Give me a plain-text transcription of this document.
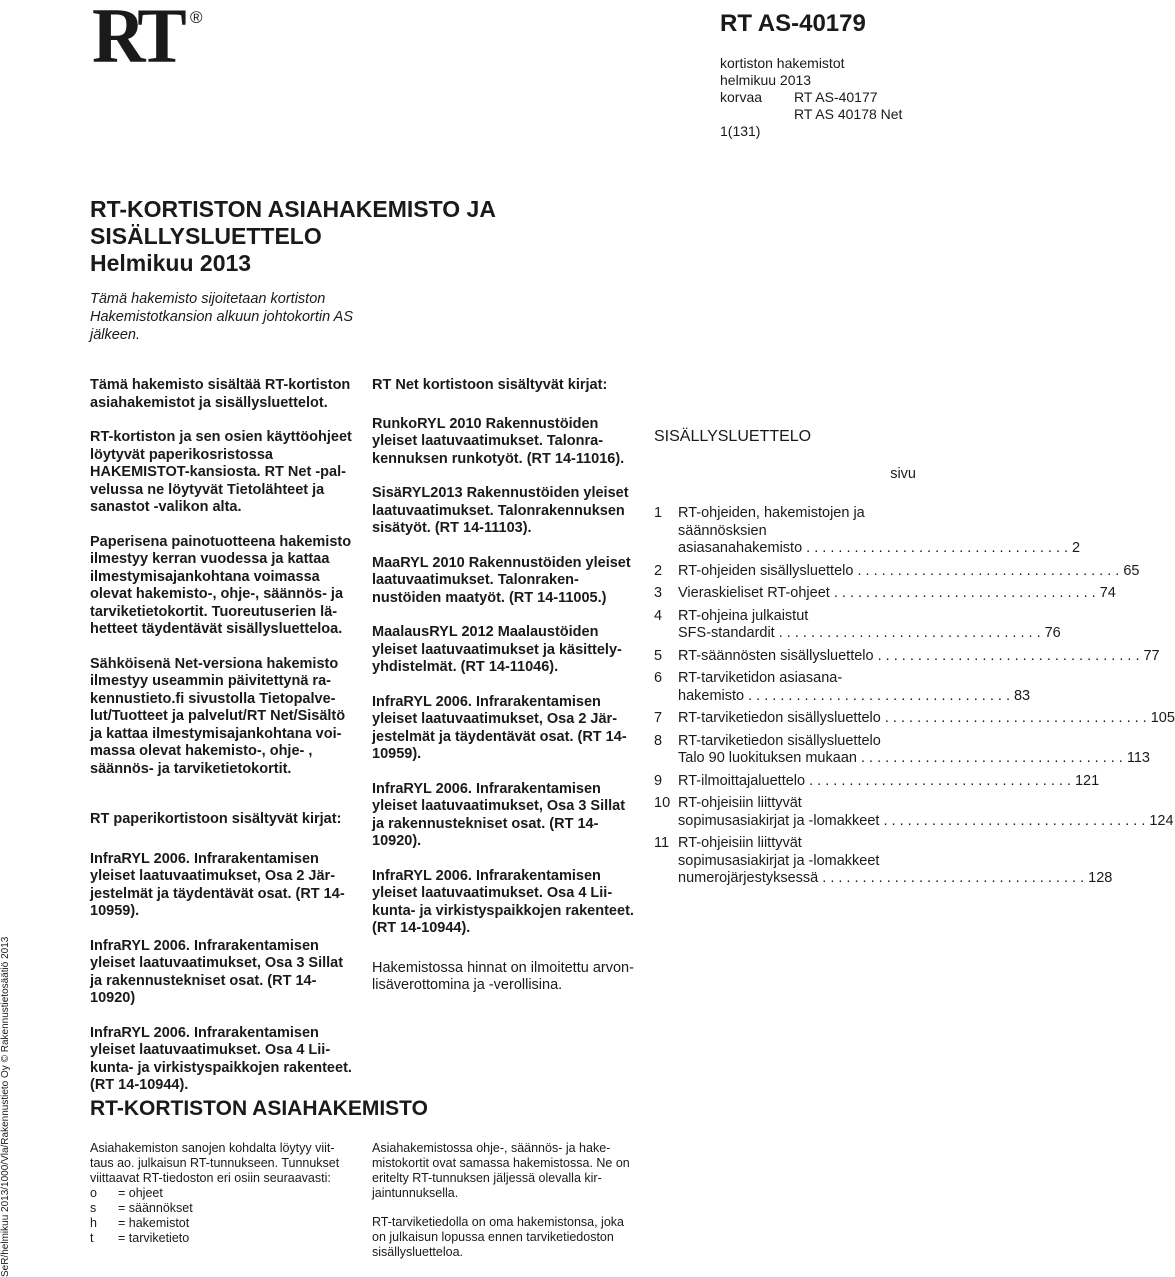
RT ®	RT AS-40179
kortiston hakemistot
helmikuu 2013
korvaa	RT AS-40177
RT AS 40178 Net
1(131)
RT-KORTISTON ASIAHAKEMISTO JA
SISÄLLYSLUETTELO
Helmikuu 2013
Tämä hakemisto sijoitetaan kortiston Hakemistotkansion alkuun johtokortin AS jälkeen.

Tämä hakemisto sisältää RT-kortiston asiahakemistot ja sisällysluettelot.

RT-kortiston ja sen osien käyttöohjeet löytyvät paperikosristossa HAKEMISTOT-kansiosta. RT Net -palvelussa ne löytyvät Tietolähteet ja sanastot -valikon alta.

Paperisena painotuotteena hakemisto ilmestyy kerran vuodessa ja kattaa ilmestymisajankohtana voimassa olevat hakemisto-, ohje-, säännös- ja tarviketietokortit. Tuoreutuserien lähetteet täydentävät sisällysluetteloa.

Sähköisenä Net-versiona hakemisto ilmestyy useammin päivitettynä rakennustieto.fi sivustolla Tietopalvelut/Tuotteet ja palvelut/RT Net/Sisältö ja kattaa ilmestymisajankohtana voimassa olevat hakemisto-, ohje- , säännös- ja tarviketietokortit.

RT paperikortistoon sisältyvät kirjat:

InfraRYL 2006. Infrarakentamisen yleiset laatuvaatimukset, Osa 2 Järjestelmät ja täydentävät osat. (RT 14-10959).

InfraRYL 2006. Infrarakentamisen yleiset laatuvaatimukset, Osa 3 Sillat ja rakennustekniset osat. (RT 14-10920)

InfraRYL 2006. Infrarakentamisen yleiset laatuvaatimukset. Osa 4 Liikunta- ja virkistyspaikkojen rakenteet. (RT 14-10944).

RT Net kortistoon sisältyvät kirjat:

RunkoRYL 2010 Rakennustöiden yleiset laatuvaatimukset. Talonrakennuksen runkotyöt. (RT 14-11016).

SisäRYL2013 Rakennustöiden yleiset laatuvaatimukset. Talonrakennuksen sisätyöt. (RT 14-11103).

MaaRYL 2010 Rakennustöiden yleiset laatuvaatimukset. Talonrakennustöiden maatyöt. (RT 14-11005.)

MaalausRYL 2012 Maalaustöiden yleiset laatuvaatimukset ja käsittelyyhdistelmät. (RT 14-11046).

InfraRYL 2006. Infrarakentamisen yleiset laatuvaatimukset, Osa 2 Järjestelmät ja täydentävät osat. (RT 14-10959).

InfraRYL 2006. Infrarakentamisen yleiset laatuvaatimukset, Osa 3 Sillat ja rakennustekniset osat. (RT 14-10920).

InfraRYL 2006. Infrarakentamisen yleiset laatuvaatimukset. Osa 4 Liikunta- ja virkistyspaikkojen rakenteet. (RT 14-10944).

Hakemistossa hinnat on ilmoitettu arvonlisäverottomina ja -verollisina.

SISÄLLYSLUETTELO
sivu
1	RT-ohjeiden, hakemistojen ja
säännösksien
asiasanahakemisto . . .	2
2	RT-ohjeiden sisällysluettelo . . .	65
3	Vieraskieliset RT-ohjeet . . .	74
4	RT-ohjeina julkaistut
SFS-standardit . . .	76
5	RT-säännösten sisällysluettelo . . .	77
6	RT-tarviketidon asiasana-
hakemisto . . .	83
7	RT-tarviketiedon sisällysluettelo . . .	105
8	RT-tarviketiedon sisällysluettelo
Talo 90 luokituksen mukaan . . .	113
9	RT-ilmoittajaluettelo . . .	121
10 RT-ohjeisiin liittyvät
sopimusasiakirjat ja -lomakkeet . . .	124
11 RT-ohjeisiin liittyvät
sopimusasiakirjat ja -lomakkeet
numerojärjestyksessä . . .	128
RT-KORTISTON ASIAHAKEMISTO
Asiahakemiston sanojen kohdalta löytyy viittaus ao. julkaisun RT-tunnukseen. Tunnukset viittaavat RT-tiedoston eri osiin seuraavasti:
o	= ohjeet
s	= säännökset
h	= hakemistot
t	= tarviketieto

Asiahakemistossa ohje-, säännös- ja hakemistokortit ovat samassa hakemistossa. Ne on eritelty RT-tunnuksen jäljessä olevalla kirjaintunnuksella.

RT-tarviketiedolla on oma hakemistonsa, joka on julkaisun lopussa ennen tarviketiedoston sisällysluetteloa.

SeR/helmikuu 2013/1000/Vla/Rakennustieto Oy © Rakennustietosäätiö 2013
